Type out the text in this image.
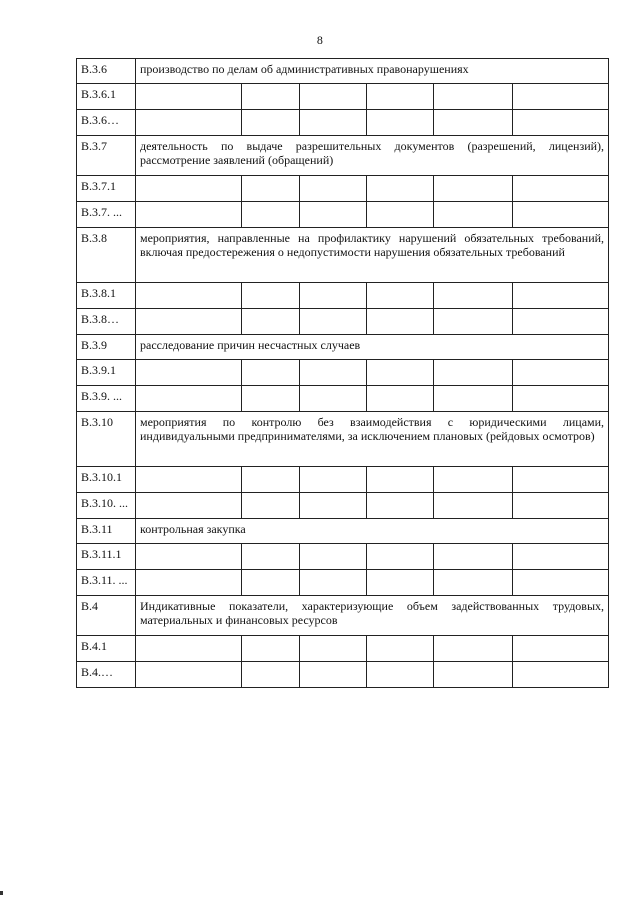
8
В.3.6	производство по делам об административных правонарушениях					
В.3.6.1						
В.3.6…						
В.3.7	деятельность по выдаче разрешительных документов (разрешений, лицензий), рассмотрение заявлений (обращений)					
В.3.7.1						
В.3.7. ...						
В.3.8	мероприятия, направленные на профилактику нарушений обязательных требований, включая предостережения о недопустимости нарушения обязательных требований					
В.3.8.1						
В.3.8…						
В.3.9	расследование причин несчастных случаев					
В.3.9.1						
В.3.9. ...						
В.3.10	мероприятия по контролю без взаимодействия с юридическими лицами, индивидуальными предпринимателями, за исключением плановых (рейдовых осмотров)					
В.3.10.1						
В.3.10. ...						
В.3.11	контрольная закупка					
В.3.11.1						
В.3.11. ...						
В.4	Индикативные показатели, характеризующие объем задействованных трудовых, материальных и финансовых ресурсов					
В.4.1						
В.4.…						
